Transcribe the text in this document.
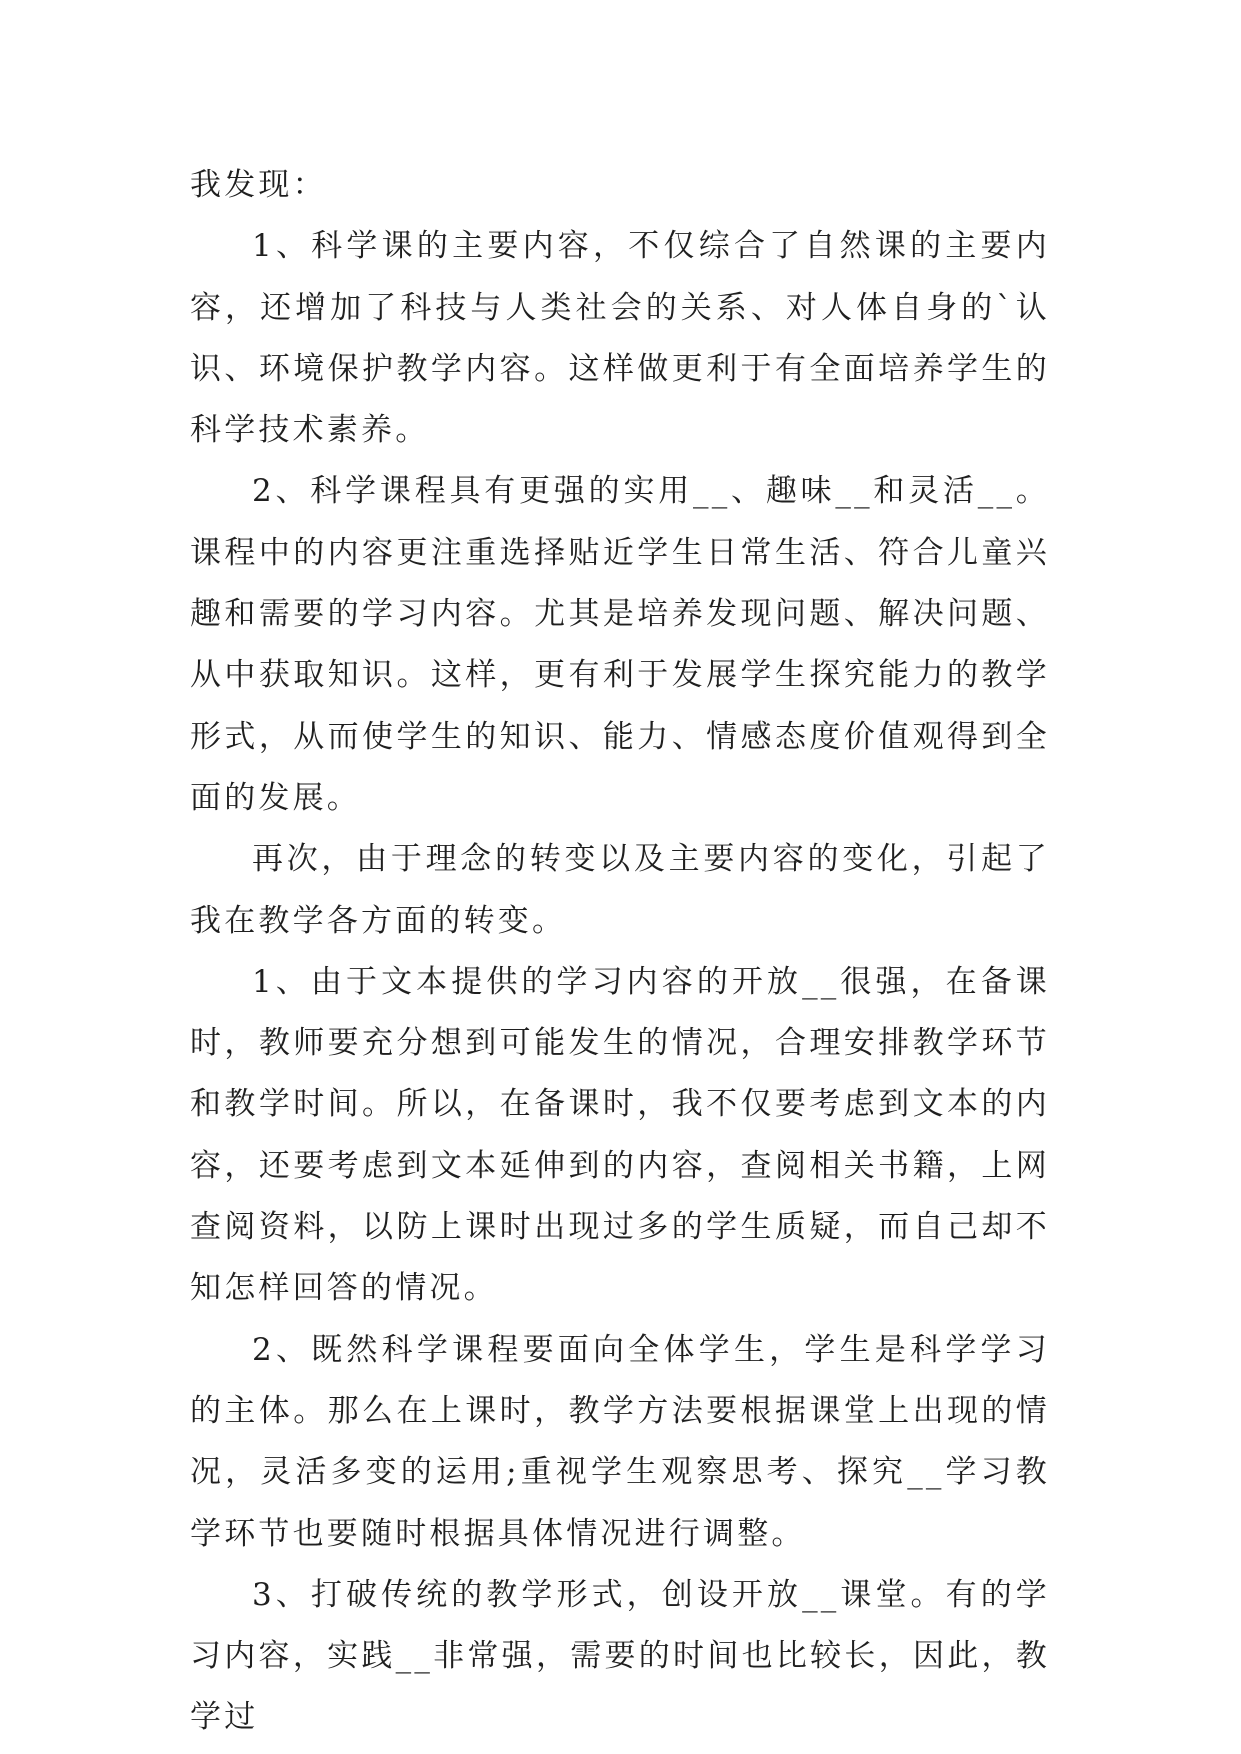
我发现：

1、科学课的主要内容，不仅综合了自然课的主要内容，还增加了科技与人类社会的关系、对人体自身的`认识、环境保护教学内容。这样做更利于有全面培养学生的科学技术素养。

2、科学课程具有更强的实用__、趣味__和灵活__。课程中的内容更注重选择贴近学生日常生活、符合儿童兴趣和需要的学习内容。尤其是培养发现问题、解决问题、从中获取知识。这样，更有利于发展学生探究能力的教学形式，从而使学生的知识、能力、情感态度价值观得到全面的发展。

再次，由于理念的转变以及主要内容的变化，引起了我在教学各方面的转变。

1、由于文本提供的学习内容的开放__很强，在备课时，教师要充分想到可能发生的情况，合理安排教学环节和教学时间。所以，在备课时，我不仅要考虑到文本的内容，还要考虑到文本延伸到的内容，查阅相关书籍，上网查阅资料，以防上课时出现过多的学生质疑，而自己却不知怎样回答的情况。

2、既然科学课程要面向全体学生，学生是科学学习的主体。那么在上课时，教学方法要根据课堂上出现的情况，灵活多变的运用;重视学生观察思考、探究__学习教学环节也要随时根据具体情况进行调整。

3、打破传统的教学形式，创设开放__课堂。有的学习内容，实践__非常强，需要的时间也比较长，因此，教学过
